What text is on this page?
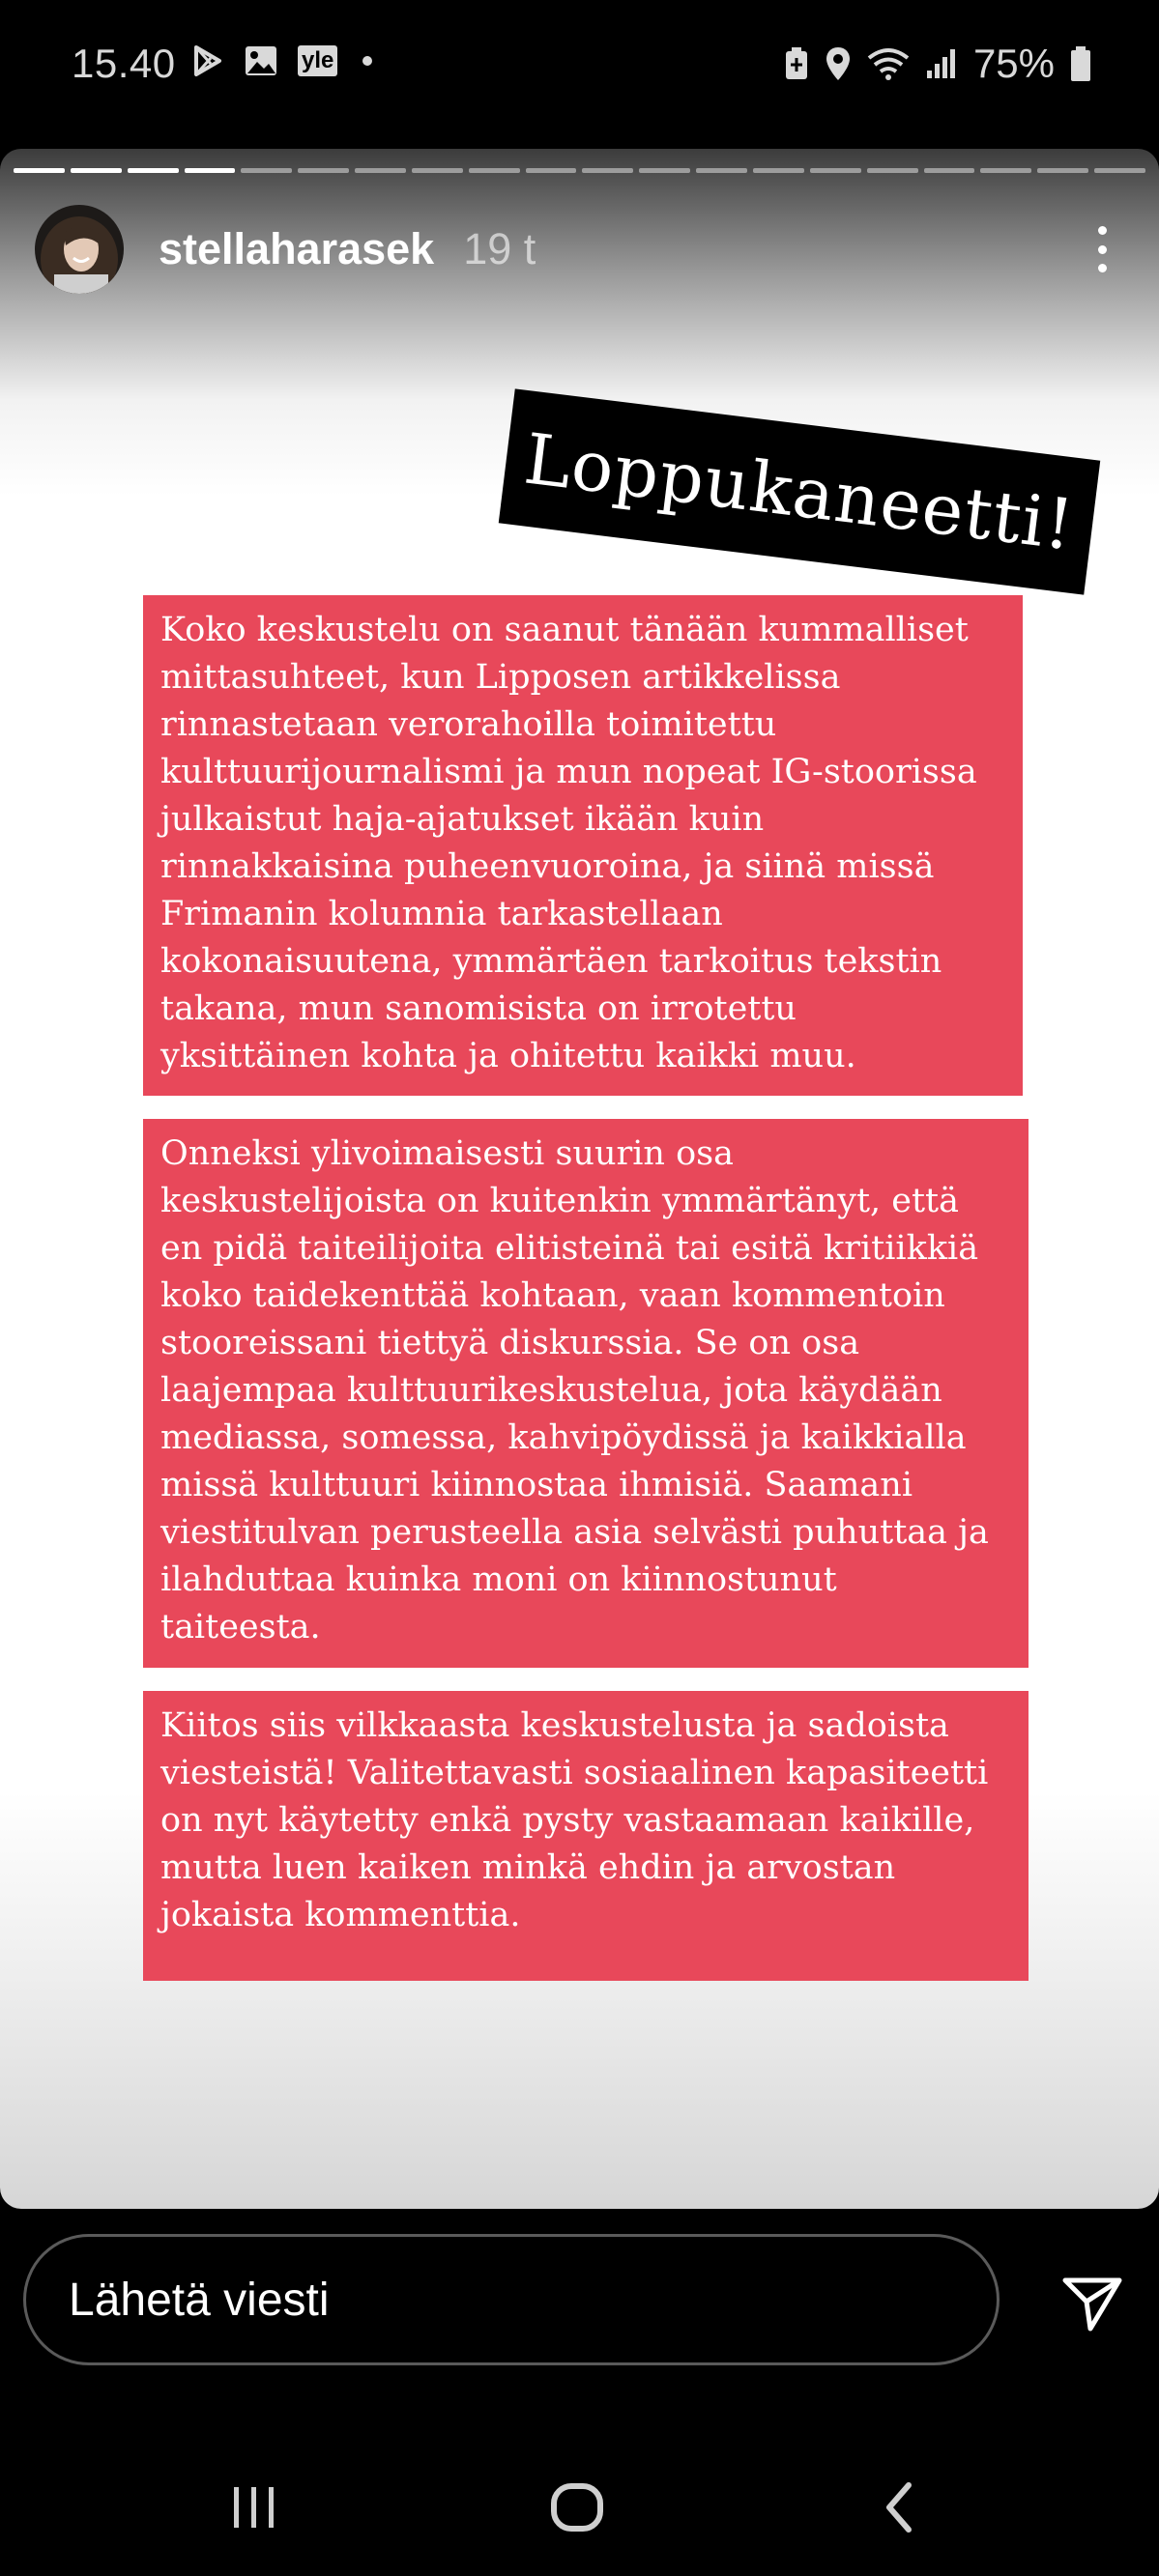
15.40	yle	75%
stellaharasek 19 t
Loppukaneetti!
Koko keskustelu on saanut tänään kummalliset
mittasuhteet, kun Lipposen artikkelissa
rinnastetaan verorahoilla toimitettu
kulttuurijournalismi ja mun nopeat IG-stoorissa
julkaistut haja-ajatukset ikään kuin
rinnakkaisina puheenvuoroina, ja siinä missä
Frimanin kolumnia tarkastellaan
kokonaisuutena, ymmärtäen tarkoitus tekstin
takana, mun sanomisista on irrotettu
yksittäinen kohta ja ohitettu kaikki muu.
Onneksi ylivoimaisesti suurin osa
keskustelijoista on kuitenkin ymmärtänyt, että
en pidä taiteilijoita elitisteinä tai esitä kritiikkiä
koko taidekenttää kohtaan, vaan kommentoin
stooreissani tiettyä diskurssia. Se on osa
laajempaa kulttuurikeskustelua, jota käydään
mediassa, somessa, kahvipöydissä ja kaikkialla
missä kulttuuri kiinnostaa ihmisiä. Saamani
viestitulvan perusteella asia selvästi puhuttaa ja
ilahduttaa kuinka moni on kiinnostunut
taiteesta.
Kiitos siis vilkkaasta keskustelusta ja sadoista
viesteistä! Valitettavasti sosiaalinen kapasiteetti
on nyt käytetty enkä pysty vastaamaan kaikille,
mutta luen kaiken minkä ehdin ja arvostan
jokaista kommenttia.
Lähetä viesti
